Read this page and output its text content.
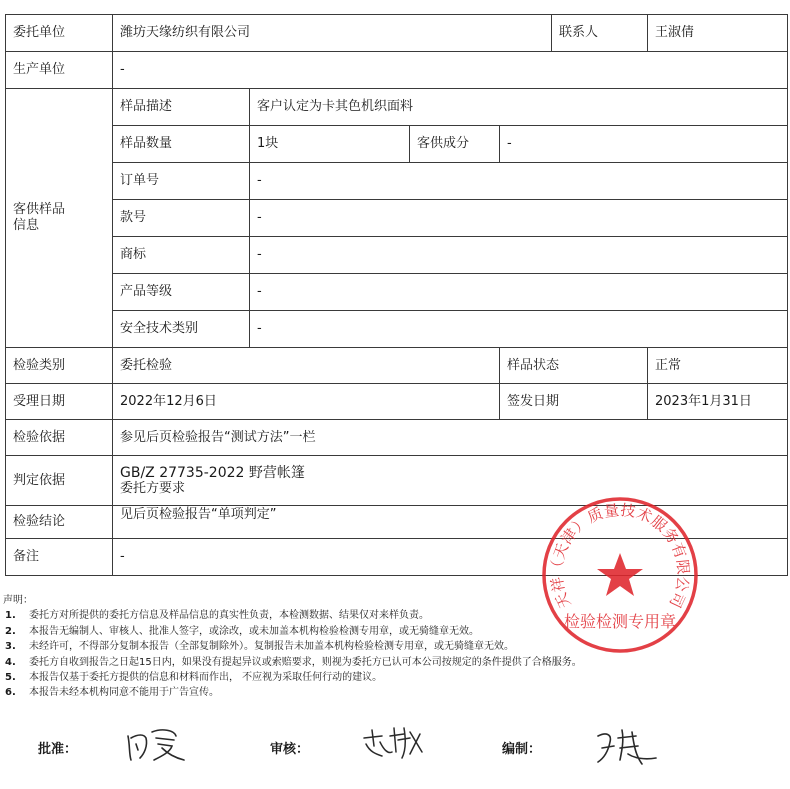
委托单位	潍坊天缘纺织有限公司				联系人	王淑倩
生产单位	-					
客供样品
信息	样品描述	客户认定为卡其色机织面料				
	样品数量	1块	客供成分	-		
	订单号	-				
	款号	-				
	商标	-				
	产品等级	-				
	安全技术类别	-				
检验类别	委托检验			样品状态		正常
受理日期	2022年12月6日			签发日期		2023年1月31日
检验依据	参见后页检验报告“测试方法”一栏					
判定依据	GB/Z 27735-2022 野营帐篷
委托方要求					

检验结论	见后页检验报告“单项判定”					
备注	-					
声明：
1. 委托方对所提供的委托方信息及样品信息的真实性负责，本检测数据、结果仅对来样负责。
2. 本报告无编制人、审核人、批准人签字，或涂改，或未加盖本机构检验检测专用章，或无骑缝章无效。
3. 未经许可，不得部分复制本报告（全部复制除外）。复制报告未加盖本机构检验检测专用章，或无骑缝章无效。
4. 委托方自收到报告之日起15日内，如果没有提起异议或索赔要求，则视为委托方已认可本公司按规定的条件提供了合格服务。
5. 本报告仅基于委托方提供的信息和材料而作出， 不应视为采取任何行动的建议。
6. 本报告未经本机构同意不能用于广告宣传。
批准：	审核：	编制：
天祥（天津）质量技术服务有限公司
检验检测专用章
